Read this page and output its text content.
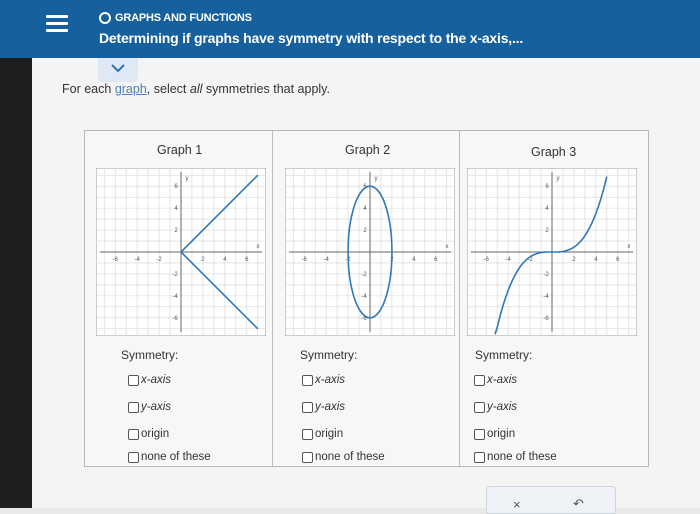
GRAPHS AND FUNCTIONS
Determining if graphs have symmetry with respect to the x-axis,...
For each graph, select all symmetries that apply.
Graph 1
-6	-4	-2	2	4	6
6
4
2
-2
-4
-6
x
y
Symmetry:
x-axis
y-axis
origin
none of these
Graph 2
-6	-4	-2	2	4	6
6
4
2
-2
-4
-6
x
y
Symmetry:
x-axis
y-axis
origin
none of these
Graph 3
-6	-4	-2	2	4	6
6
4
2
-2
-4
-6
x
y
Symmetry:
x-axis
y-axis
origin
none of these
×	↶
